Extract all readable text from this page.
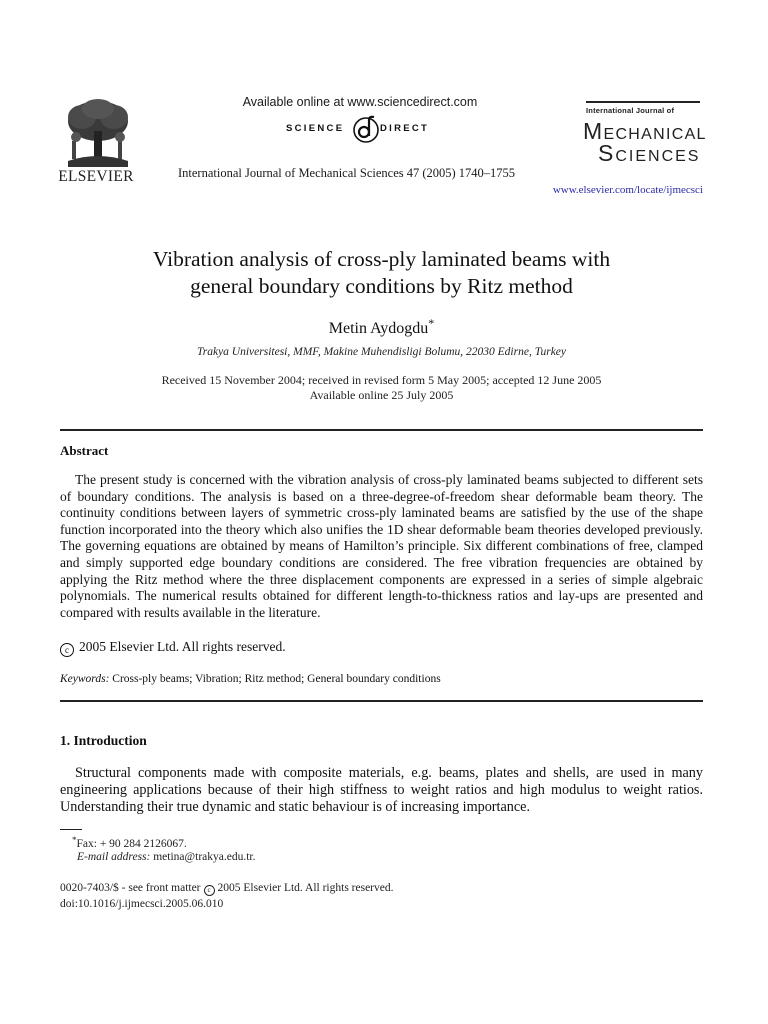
ELSEVIER
Available online at www.sciencedirect.com
SCIENCE	DIRECT
International Journal of Mechanical Sciences 47 (2005) 1740–1755
International Journal of
MECHANICAL
SCIENCES
www.elsevier.com/locate/ijmecsci
Vibration analysis of cross-ply laminated beams with
general boundary conditions by Ritz method
Metin Aydogdu*
Trakya Universitesi, MMF, Makine Muhendisligi Bolumu, 22030 Edirne, Turkey
Received 15 November 2004; received in revised form 5 May 2005; accepted 12 June 2005
Available online 25 July 2005
Abstract
The present study is concerned with the vibration analysis of cross-ply laminated beams subjected to different sets of boundary conditions. The analysis is based on a three-degree-of-freedom shear deformable beam theory. The continuity conditions between layers of symmetric cross-ply laminated beams are satisfied by the use of the shape function incorporated into the theory which also unifies the 1D shear deformable beam theories developed previously. The governing equations are obtained by means of Hamilton’s principle. Six different combinations of free, clamped and simply supported edge boundary conditions are considered. The free vibration frequencies are obtained by applying the Ritz method where the three displacement components are expressed in a series of simple algebraic polynomials. The numerical results obtained for different length-to-thickness ratios and lay-ups are presented and compared with results available in the literature.
c 2005 Elsevier Ltd. All rights reserved.
Keywords: Cross-ply beams; Vibration; Ritz method; General boundary conditions
1. Introduction
Structural components made with composite materials, e.g. beams, plates and shells, are used in many engineering applications because of their high stiffness to weight ratios and high modulus to weight ratios. Understanding their true dynamic and static behaviour is of increasing importance.
*Fax: + 90 284 2126067.
E-mail address: metina@trakya.edu.tr.
0020-7403/$ - see front matter c 2005 Elsevier Ltd. All rights reserved.
doi:10.1016/j.ijmecsci.2005.06.010
